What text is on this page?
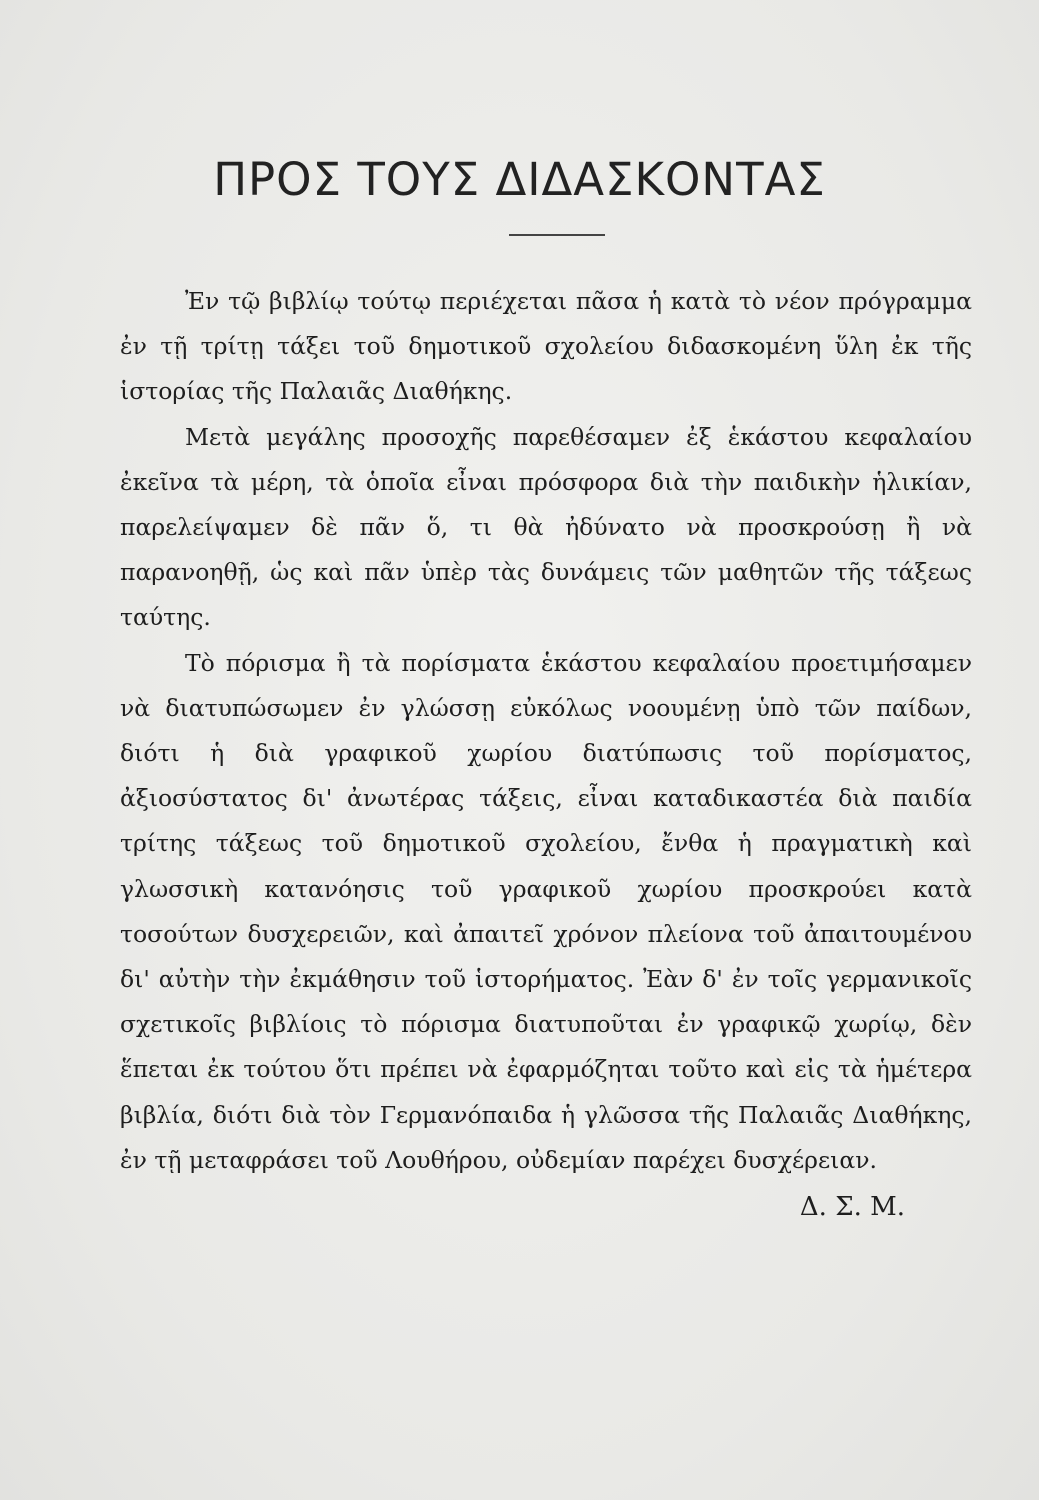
ΠΡΟΣ ΤΟΥΣ ΔΙΔΑΣΚΟΝΤΑΣ

Ἐν τῷ βιβλίῳ τούτῳ περιέχεται πᾶσα ἡ κατὰ τὸ νέον πρόγραμμα ἐν τῇ τρίτῃ τάξει τοῦ δημοτικοῦ σχολείου διδασκομένη ὕλη ἐκ τῆς ἱστορίας τῆς Παλαιᾶς Διαθήκης.

Μετὰ μεγάλης προσοχῆς παρεθέσαμεν ἐξ ἑκάστου κεφαλαίου ἐκεῖνα τὰ μέρη, τὰ ὁποῖα εἶναι πρόσφορα διὰ τὴν παιδικὴν ἡλικίαν, παρελείψαμεν δὲ πᾶν ὅ, τι θὰ ἠδύνατο νὰ προσκρούσῃ ἢ νὰ παρανοηθῇ, ὡς καὶ πᾶν ὑπὲρ τὰς δυνάμεις τῶν μαθητῶν τῆς τάξεως ταύτης.

Τὸ πόρισμα ἢ τὰ πορίσματα ἑκάστου κεφαλαίου προετιμήσαμεν νὰ διατυπώσωμεν ἐν γλώσσῃ εὐκόλως νοουμένῃ ὑπὸ τῶν παίδων, διότι ἡ διὰ γραφικοῦ χωρίου διατύπωσις τοῦ πορίσματος, ἀξιοσύστατος δι' ἀνωτέρας τάξεις, εἶναι καταδικαστέα διὰ παιδία τρίτης τάξεως τοῦ δημοτικοῦ σχολείου, ἔνθα ἡ πραγματικὴ καὶ γλωσσικὴ κατανόησις τοῦ γραφικοῦ χωρίου προσκρούει κατὰ τοσούτων δυσχερειῶν, καὶ ἀπαιτεῖ χρόνον πλείονα τοῦ ἀπαιτουμένου δι' αὐτὴν τὴν ἐκμάθησιν τοῦ ἱστορήματος. Ἐὰν δ' ἐν τοῖς γερμανικοῖς σχετικοῖς βιβλίοις τὸ πόρισμα διατυποῦται ἐν γραφικῷ χωρίῳ, δὲν ἕπεται ἐκ τούτου ὅτι πρέπει νὰ ἐφαρμόζηται τοῦτο καὶ εἰς τὰ ἡμέτερα βιβλία, διότι διὰ τὸν Γερμανόπαιδα ἡ γλῶσσα τῆς Παλαιᾶς Διαθήκης, ἐν τῇ μεταφράσει τοῦ Λουθήρου, οὐδεμίαν παρέχει δυσχέρειαν.

Δ. Σ. Μ.
